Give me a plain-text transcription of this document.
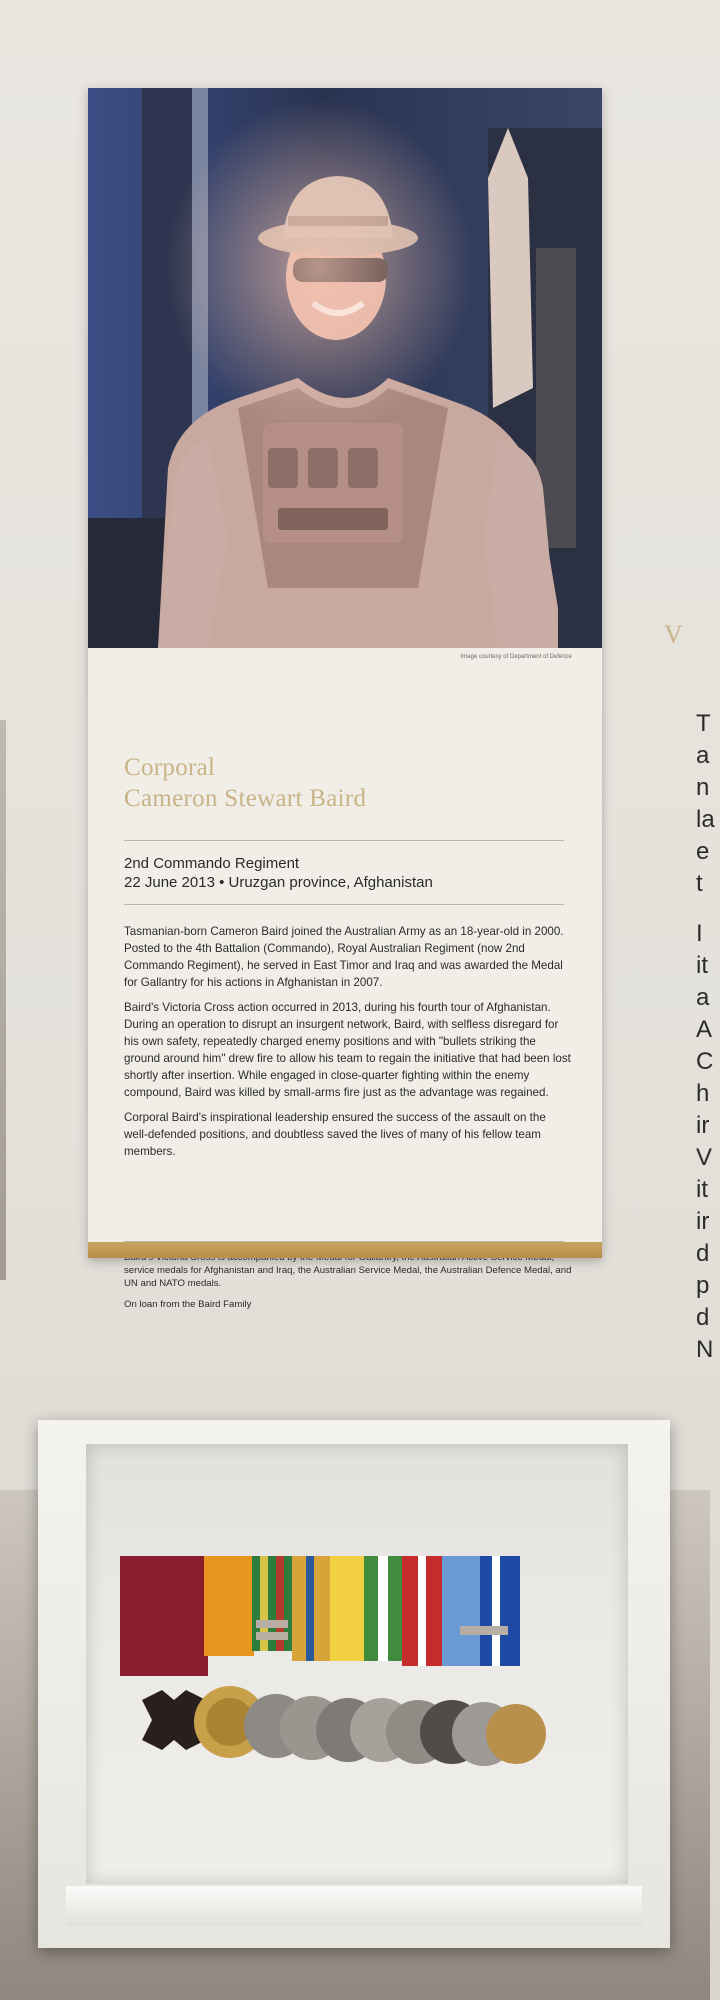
Image courtesy of Department of Defence
Corporal
Cameron Stewart Baird
2nd Commando Regiment
22 June 2013 • Uruzgan province, Afghanistan

Tasmanian-born Cameron Baird joined the Australian Army as an 18-year-old in 2000. Posted to the 4th Battalion (Commando), Royal Australian Regiment (now 2nd Commando Regiment), he served in East Timor and Iraq and was awarded the Medal for Gallantry for his actions in Afghanistan in 2007.

Baird's Victoria Cross action occurred in 2013, during his fourth tour of Afghanistan. During an operation to disrupt an insurgent network, Baird, with selfless disregard for his own safety, repeatedly charged enemy positions and with "bullets striking the ground around him" drew fire to allow his team to regain the initiative that had been lost shortly after insertion. While engaged in close-quarter fighting within the enemy compound, Baird was killed by small-arms fire just as the advantage was regained.

Corporal Baird's inspirational leadership ensured the success of the assault on the well-defended positions, and doubtless saved the lives of many of his fellow team members.

service medals for Afghanistan and Iraq, the Australian Service Medal, the Australian Defence Medal, and UN and NATO medals.

On loan from the Baird Family

V
T
a
n
la
e
t
I
it
a
A
C
h
ir
V
it
ir
d
p
d
N
